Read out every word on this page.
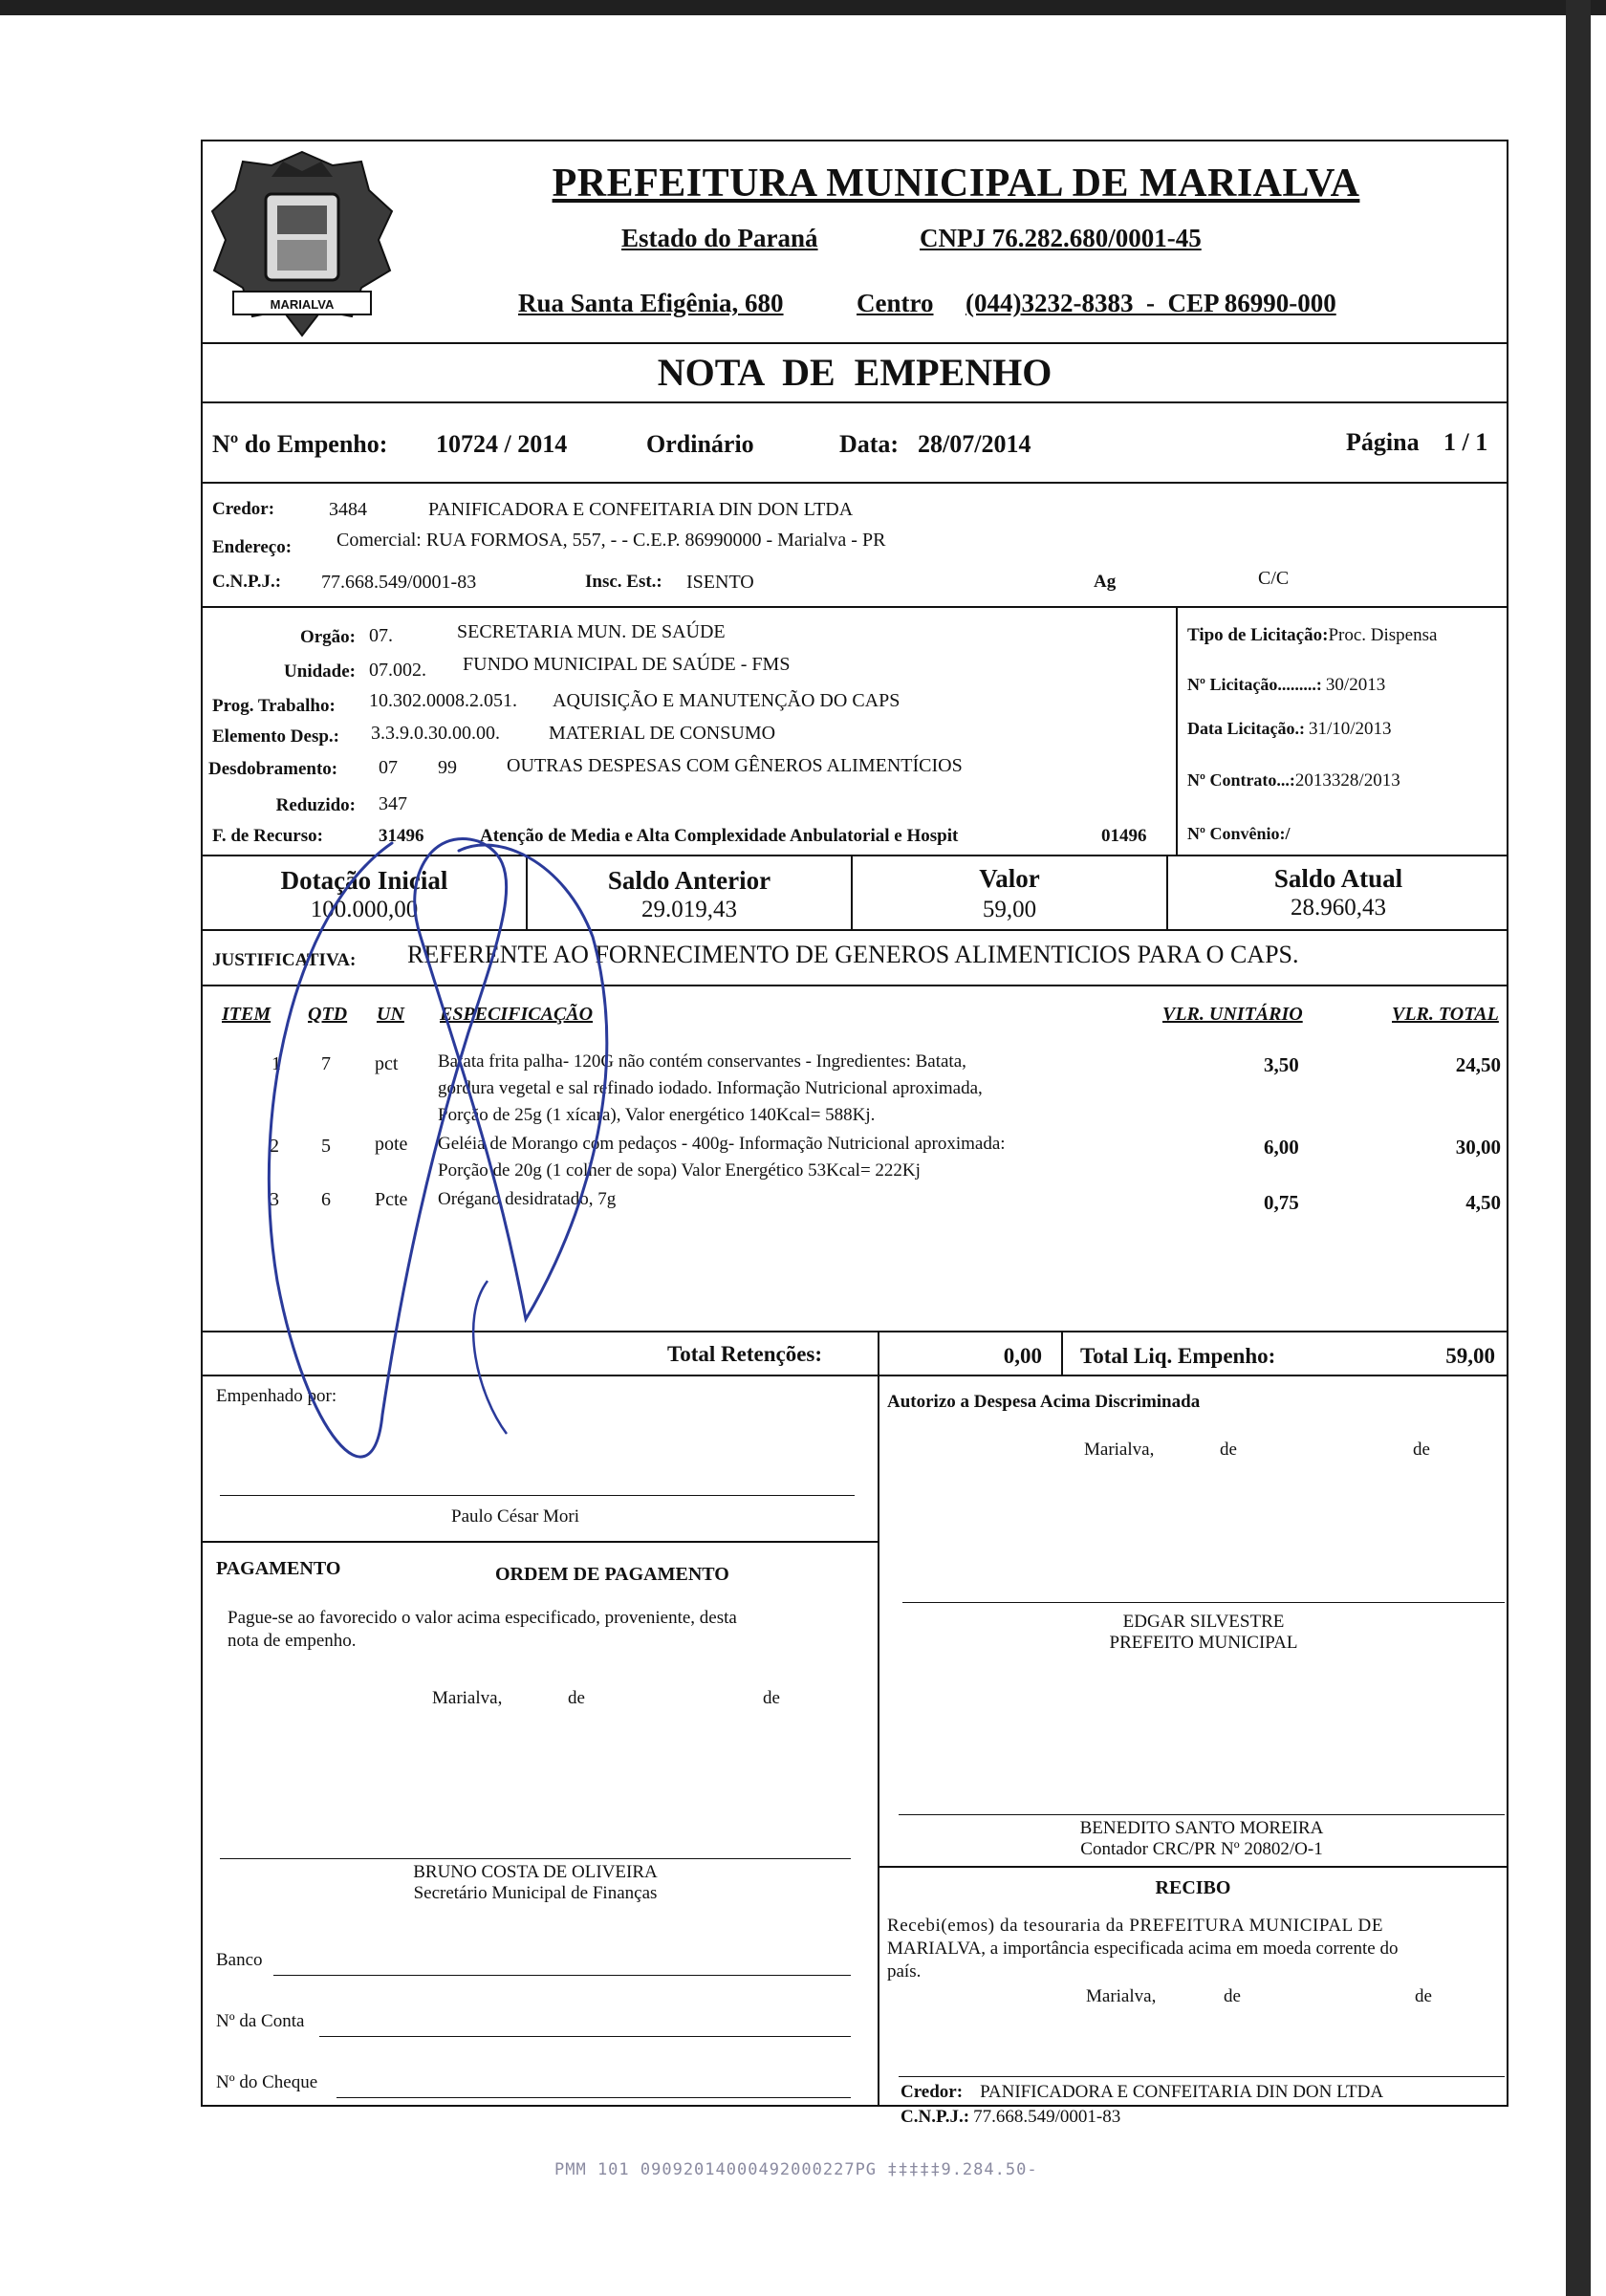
MARIALVA
PREFEITURA MUNICIPAL DE MARIALVA
Estado do Paraná	CNPJ 76.282.680/0001-45
Rua Santa Efigênia, 680	Centro (044)3232-8383  -  CEP 86990-000
NOTA  DE  EMPENHO
Nº do Empenho: 10724 / 2014	Ordinário	Data: 28/07/2014	Página 1 / 1
Credor:	3484	PANIFICADORA E CONFEITARIA DIN DON LTDA
Endereço: Comercial: RUA FORMOSA, 557, - - C.E.P. 86990000 - Marialva - PR
C.N.P.J.: 77.668.549/0001-83	Insc. Est.: ISENTO	Ag	C/C
Orgão: 07.	SECRETARIA MUN. DE SAÚDE
Unidade: 07.002. FUNDO MUNICIPAL DE SAÚDE - FMS
Prog. Trabalho: 10.302.0008.2.051. AQUISIÇÃO E MANUTENÇÃO DO CAPS
Elemento Desp.: 3.3.9.0.30.00.00.	MATERIAL DE CONSUMO
Desdobramento: 07 99	OUTRAS DESPESAS COM GÊNEROS ALIMENTÍCIOS
Reduzido: 347
F. de Recurso:	31496	Atenção de Media e Alta Complexidade Anbulatorial e Hospit	01496
Tipo de Licitação:Proc. Dispensa
Nº Licitação.........: 30/2013
Data Licitação.: 31/10/2013
Nº Contrato...:2013328/2013
Nº Convênio:/
Dotação Inicial
100.000,00
Saldo Anterior
29.019,43
Valor
59,00
Saldo Atual
28.960,43
JUSTIFICATIVA: REFERENTE AO FORNECIMENTO DE GENEROS ALIMENTICIOS PARA O CAPS.
ITEM QTD UN ESPECIFICAÇÃO	VLR. UNITÁRIO	VLR. TOTAL
1 7 pct Batata frita palha- 120G não contém conservantes - Ingredientes: Batata,
gordura vegetal e sal refinado iodado. Informação Nutricional aproximada,
Porção de 25g (1 xícara), Valor energético 140Kcal= 588Kj.
3,50	24,50
2 5 pote Geléia de Morango com pedaços - 400g- Informação Nutricional aproximada:
Porção de 20g (1 colher de sopa) Valor Energético 53Kcal= 222Kj
6,00	30,00
3 6 Pcte Orégano desidratado, 7g	0,75	4,50
Total Retenções:	0,00 Total Liq. Empenho:	59,00
Empenhado por:
Paulo César Mori
Autorizo a Despesa Acima Discriminada
Marialva,	de	de
EDGAR SILVESTRE
PREFEITO MUNICIPAL
PAGAMENTO	ORDEM DE PAGAMENTO
Pague-se ao favorecido o valor acima especificado, proveniente, desta
nota de empenho.
Marialva,	de	de
BENEDITO SANTO MOREIRA
Contador CRC/PR Nº 20802/O-1
BRUNO COSTA DE OLIVEIRA
Secretário Municipal de Finanças	RECIBO
Recebi(emos) da tesouraria da PREFEITURA MUNICIPAL DE
MARIALVA, a importância especificada acima em moeda corrente do
país.
Marialva,	de	de
Credor: PANIFICADORA E CONFEITARIA DIN DON LTDA
C.N.P.J.: 77.668.549/0001-83
Banco
Nº da Conta
Nº do Cheque
PMM 101 09092014000492000227PG ‡‡‡‡‡9.284.50-
